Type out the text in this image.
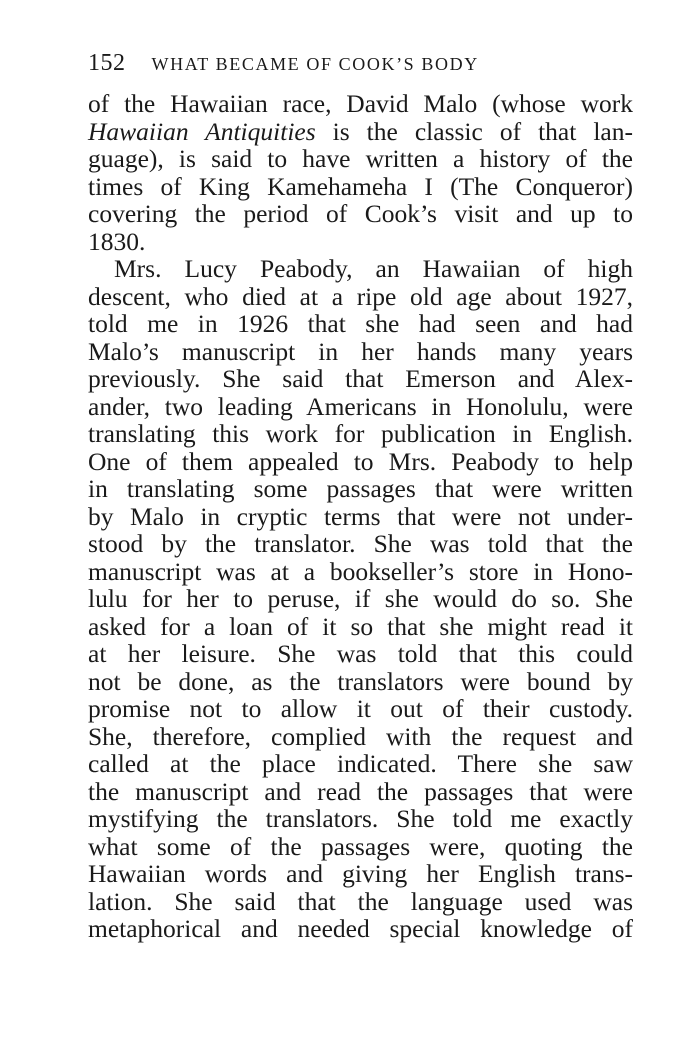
152 WHAT BECAME OF COOK’S BODY
of the Hawaiian race, David Malo (whose work
Hawaiian Antiquities is the classic of that lan-
guage), is said to have written a history of the
times of King Kamehameha I (The Conqueror)
covering the period of Cook’s visit and up to
1830.
Mrs. Lucy Peabody, an Hawaiian of high
descent, who died at a ripe old age about 1927,
told me in 1926 that she had seen and had
Malo’s manuscript in her hands many years
previously. She said that Emerson and Alex-
ander, two leading Americans in Honolulu, were
translating this work for publication in English.
One of them appealed to Mrs. Peabody to help
in translating some passages that were written
by Malo in cryptic terms that were not under-
stood by the translator. She was told that the
manuscript was at a bookseller’s store in Hono-
lulu for her to peruse, if she would do so. She
asked for a loan of it so that she might read it
at her leisure. She was told that this could
not be done, as the translators were bound by
promise not to allow it out of their custody.
She, therefore, complied with the request and
called at the place indicated. There she saw
the manuscript and read the passages that were
mystifying the translators. She told me exactly
what some of the passages were, quoting the
Hawaiian words and giving her English trans-
lation. She said that the language used was
metaphorical and needed special knowledge of
